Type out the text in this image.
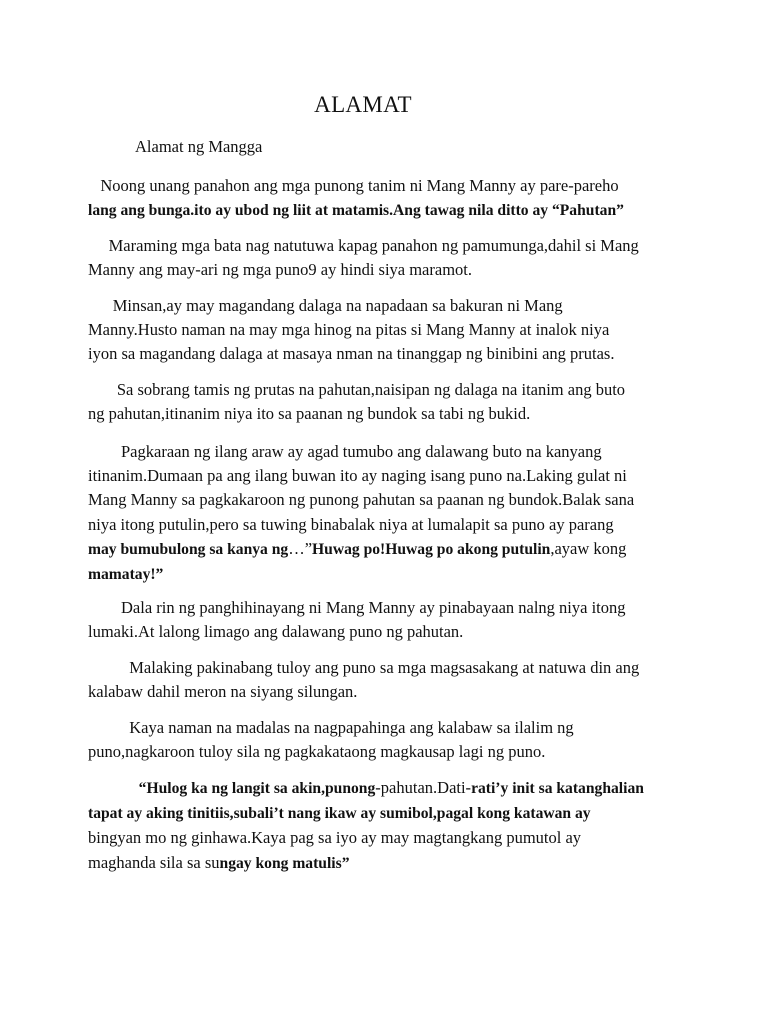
ALAMAT
Alamat ng Mangga
Noong unang panahon ang mga punong tanim ni Mang Manny ay pare-pareho
lang ang bunga.ito ay ubod ng liit at matamis.Ang tawag nila ditto ay “Pahutan”
Maraming mga bata nag natutuwa kapag panahon ng pamumunga,dahil si Mang
Manny ang may-ari ng mga puno9 ay hindi siya maramot.
Minsan,ay may magandang dalaga na napadaan sa bakuran ni Mang
Manny.Husto naman na may mga hinog na pitas si Mang Manny at inalok niya
iyon sa magandang dalaga at masaya nman na tinanggap ng binibini ang prutas.
Sa sobrang tamis ng prutas na pahutan,naisipan ng dalaga na itanim ang buto
ng pahutan,itinanim niya ito sa paanan ng bundok sa tabi ng bukid.
Pagkaraan ng ilang araw ay agad tumubo ang dalawang buto na kanyang
itinanim.Dumaan pa ang ilang buwan ito ay naging isang puno na.Laking gulat ni
Mang Manny sa pagkakaroon ng punong pahutan sa paanan ng bundok.Balak sana
niya itong putulin,pero sa tuwing binabalak niya at lumalapit sa puno ay parang
may bumubulong sa kanya ng…”Huwag po!Huwag po akong putulin,ayaw kong
mamatay!”
Dala rin ng panghihinayang ni Mang Manny ay pinabayaan nalng niya itong
lumaki.At lalong limago ang dalawang puno ng pahutan.
Malaking pakinabang tuloy ang puno sa mga magsasakang at natuwa din ang
kalabaw dahil meron na siyang silungan.
Kaya naman na madalas na nagpapahinga ang kalabaw sa ilalim ng
puno,nagkaroon tuloy sila ng pagkakataong magkausap lagi ng puno.
“Hulog ka ng langit sa akin,punong-pahutan.Dati-rati’y init sa katanghalian
tapat ay aking tinitiis,subali’t nang ikaw ay sumibol,pagal kong katawan ay
bingyan mo ng ginhawa.Kaya pag sa iyo ay may magtangkang pumutol ay
maghanda sila sa sungay kong matulis”
